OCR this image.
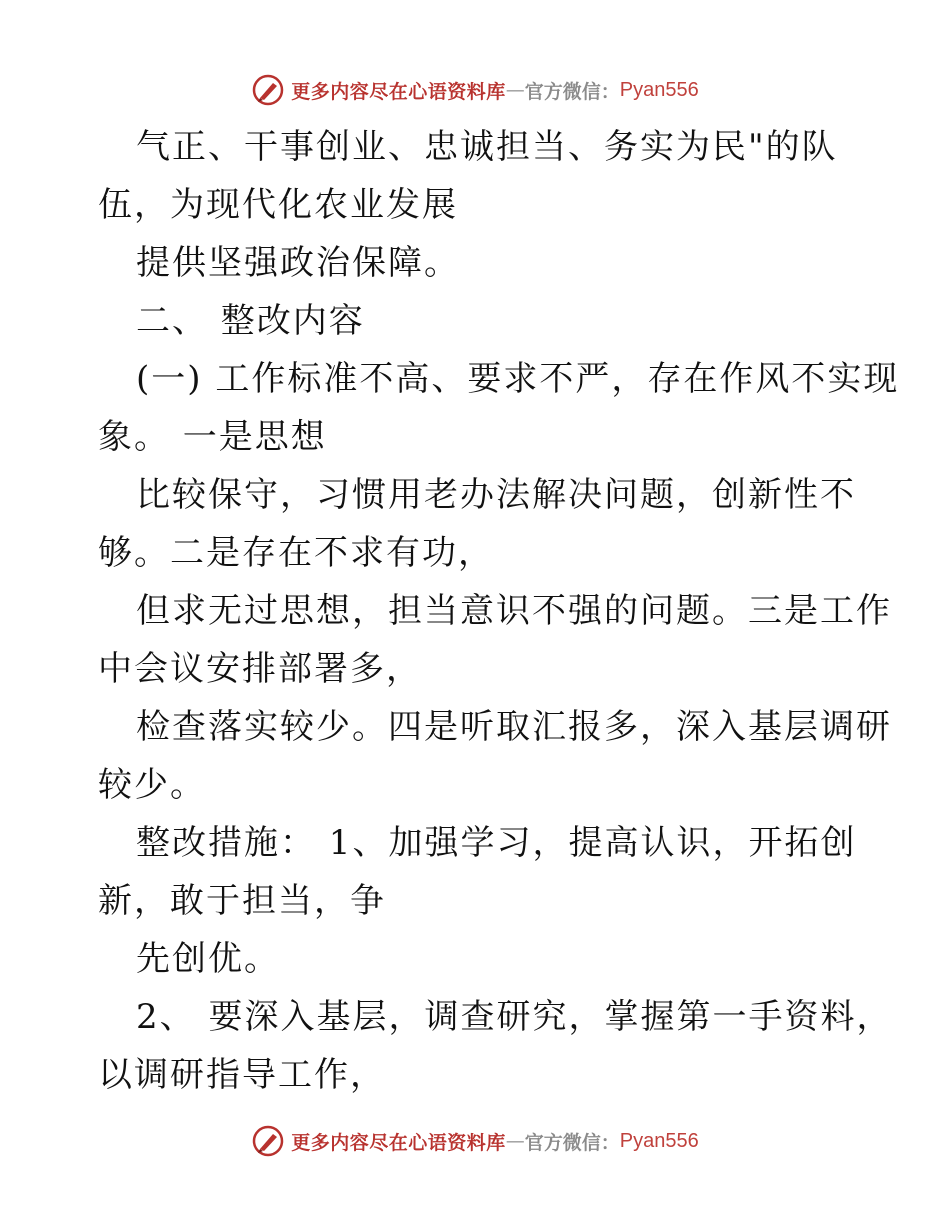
更多内容尽在心语资料库 — 官方微信： Pyan556
气正、干事创业、忠诚担当、务实为民"的队
伍，为现代化农业发展
提供坚强政治保障。
二、 整改内容
(一) 工作标准不高、要求不严，存在作风不实现
象。 一是思想
比较保守，习惯用老办法解决问题，创新性不
够。二是存在不求有功，
但求无过思想，担当意识不强的问题。三是工作
中会议安排部署多，
检查落实较少。四是听取汇报多，深入基层调研
较少。
整改措施： 1、加强学习，提高认识，开拓创
新，敢于担当，争
先创优。
2、 要深入基层，调查研究，掌握第一手资料，
以调研指导工作，
更多内容尽在心语资料库 — 官方微信： Pyan556
